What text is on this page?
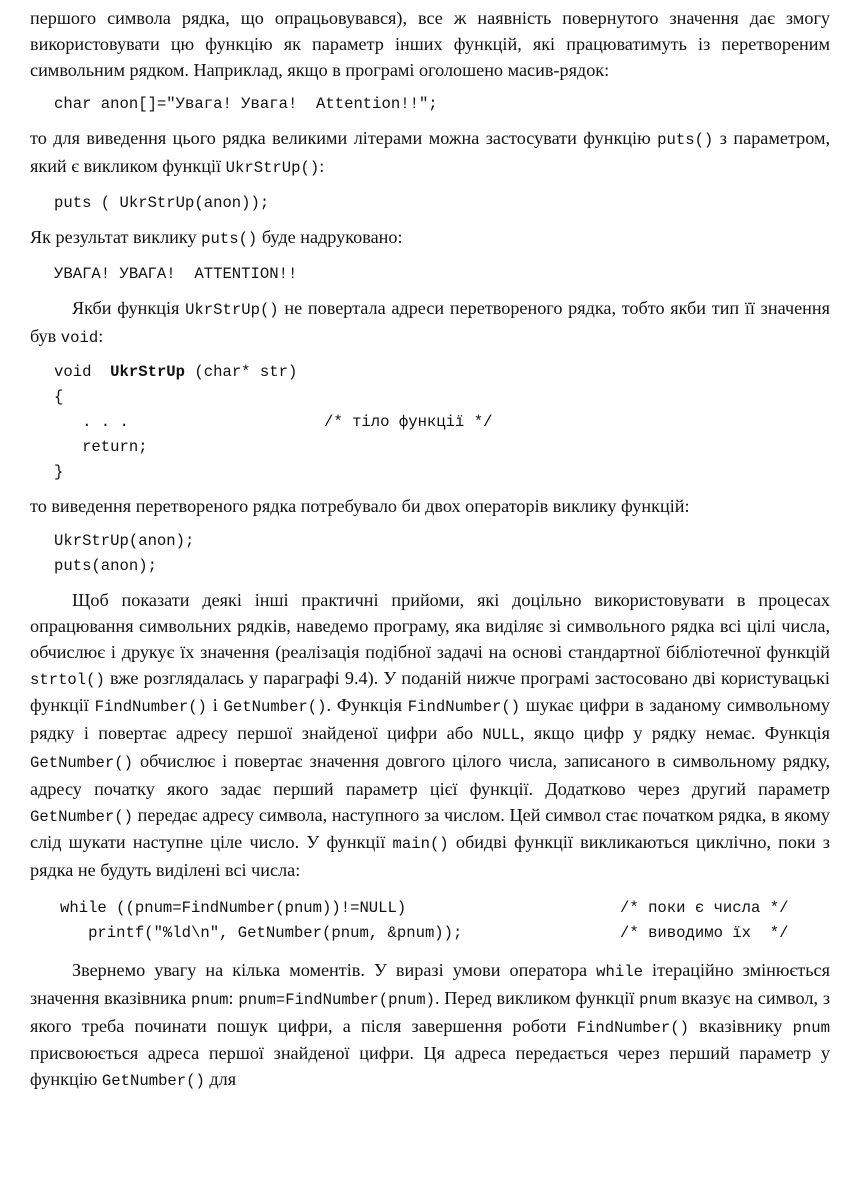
першого символа рядка, що опрацьовувався), все ж наявність повернутого значення дає змогу використовувати цю функцію як параметр інших функцій, які працюватимуть із перетвореним символьним рядком. Наприклад, якщо в програмі оголошено масив-рядок:

char anon[]="Увага! Увага!  Attention!!";

то для виведення цього рядка великими літерами можна застосувати функцію puts() з параметром, який є викликом функції UkrStrUp():

puts ( UkrStrUp(anon));

Як результат виклику puts() буде надруковано:

УВАГА! УВАГА!  ATTENTION!!

Якби функція UkrStrUp() не повертала адреси перетвореного рядка, тобто якби тип її значення був void:

void  UkrStrUp (char* str)
{
. . .	/* тіло функції */
return;
}

то виведення перетвореного рядка потребувало би двох операторів виклику функцій:

UkrStrUp(anon);
puts(anon);

Щоб показати деякі інші практичні прийоми, які доцільно використовувати в процесах опрацювання символьних рядків, наведемо програму, яка виділяє зі символьного рядка всі цілі числа, обчислює і друкує їх значення (реалізація подібної задачі на основі стандартної бібліотечної функцій strtol() вже розглядалась у параграфі 9.4). У поданій нижче програмі застосовано дві користувацькі функції FindNumber() і GetNumber(). Функція FindNumber() шукає цифри в заданому символьному рядку і повертає адресу першої знайденої цифри або NULL, якщо цифр у рядку немає. Функція GetNumber() обчислює і повертає значення довгого цілого числа, записаного в символьному рядку, адресу початку якого задає перший параметр цієї функції. Додатково через другий параметр GetNumber() передає адресу символа, наступного за числом. Цей символ стає початком рядка, в якому слід шукати наступне ціле число. У функції main() обидві функції викликаються циклічно, поки з рядка не будуть виділені всі числа:

while ((pnum=FindNumber(pnum))!=NULL)	/* поки є числа */
printf("%ld\n", GetNumber(pnum, &pnum));	/* виводимо їх  */

Звернемо увагу на кілька моментів. У виразі умови оператора while ітераційно змінюється значення вказівника pnum: pnum=FindNumber(pnum). Перед викликом функції pnum вказує на символ, з якого треба починати пошук цифри, а після завершення роботи FindNumber() вказівнику pnum присвоюється адреса першої знайденої цифри. Ця адреса передається через перший параметр у функцію GetNumber() для
